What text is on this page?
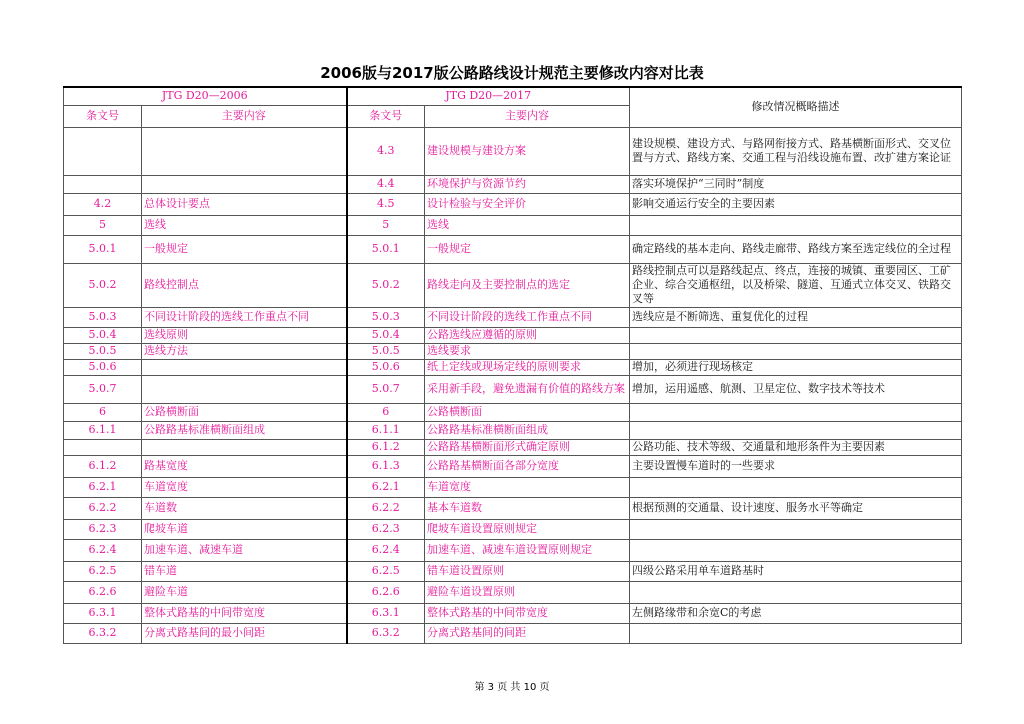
2006版与2017版公路路线设计规范主要修改内容对比表
JTG D20—2006		JTG D20—2017		修改情况概略描述
条文号	主要内容	条文号	主要内容	
		4.3	建设规模与建设方案	建设规模、建设方式、与路网衔接方式、路基横断面形式、交叉位置与方式、路线方案、交通工程与沿线设施布置、改扩建方案论证
		4.4	环境保护与资源节约	落实环境保护“三同时”制度
4.2	总体设计要点	4.5	设计检验与安全评价	影响交通运行安全的主要因素
5	选线	5	选线	
5.0.1	一般规定	5.0.1	一般规定	确定路线的基本走向、路线走廊带、路线方案至选定线位的全过程
5.0.2	路线控制点	5.0.2	路线走向及主要控制点的选定	路线控制点可以是路线起点、终点，连接的城镇、重要园区、工矿企业、综合交通枢纽，以及桥梁、隧道、互通式立体交叉、铁路交叉等
5.0.3	不同设计阶段的选线工作重点不同	5.0.3	不同设计阶段的选线工作重点不同	选线应是不断筛选、重复优化的过程
5.0.4	选线原则	5.0.4	公路选线应遵循的原则	
5.0.5	选线方法	5.0.5	选线要求	
5.0.6		5.0.6	纸上定线或现场定线的原则要求	增加，必须进行现场核定
5.0.7		5.0.7	采用新手段，避免遗漏有价值的路线方案	增加，运用遥感、航测、卫星定位、数字技术等技术
6	公路横断面	6	公路横断面	
6.1.1	公路路基标准横断面组成	6.1.1	公路路基标准横断面组成	
		6.1.2	公路路基横断面形式确定原则	公路功能、技术等级、交通量和地形条件为主要因素
6.1.2	路基宽度	6.1.3	公路路基横断面各部分宽度	主要设置慢车道时的一些要求
6.2.1	车道宽度	6.2.1	车道宽度	
6.2.2	车道数	6.2.2	基本车道数	根据预测的交通量、设计速度、服务水平等确定
6.2.3	爬坡车道	6.2.3	爬坡车道设置原则规定	
6.2.4	加速车道、减速车道	6.2.4	加速车道、减速车道设置原则规定	
6.2.5	错车道	6.2.5	错车道设置原则	四级公路采用单车道路基时
6.2.6	避险车道	6.2.6	避险车道设置原则	
6.3.1	整体式路基的中间带宽度	6.3.1	整体式路基的中间带宽度	左侧路缘带和余宽C的考虑
6.3.2	分离式路基间的最小间距	6.3.2	分离式路基间的间距	
第 3 页 共 10 页
